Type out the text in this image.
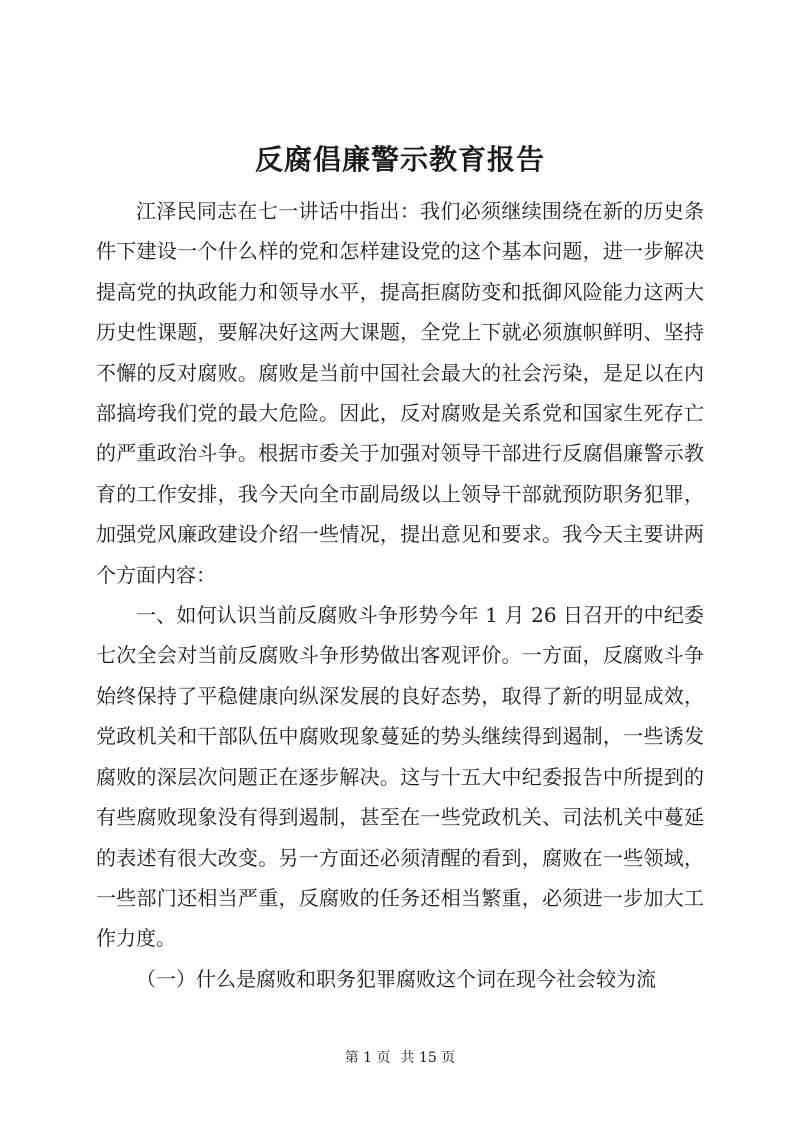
反腐倡廉警示教育报告

江泽民同志在七一讲话中指出：我们必须继续围绕在新的历史条件下建设一个什么样的党和怎样建设党的这个基本问题，进一步解决提高党的执政能力和领导水平，提高拒腐防变和抵御风险能力这两大历史性课题，要解决好这两大课题，全党上下就必须旗帜鲜明、坚持不懈的反对腐败。腐败是当前中国社会最大的社会污染，是足以在内部搞垮我们党的最大危险。因此，反对腐败是关系党和国家生死存亡的严重政治斗争。根据市委关于加强对领导干部进行反腐倡廉警示教育的工作安排，我今天向全市副局级以上领导干部就预防职务犯罪，加强党风廉政建设介绍一些情况，提出意见和要求。我今天主要讲两个方面内容：

一、如何认识当前反腐败斗争形势今年 1 月 26 日召开的中纪委七次全会对当前反腐败斗争形势做出客观评价。一方面，反腐败斗争始终保持了平稳健康向纵深发展的良好态势，取得了新的明显成效，党政机关和干部队伍中腐败现象蔓延的势头继续得到遏制，一些诱发腐败的深层次问题正在逐步解决。这与十五大中纪委报告中所提到的有些腐败现象没有得到遏制，甚至在一些党政机关、司法机关中蔓延的表述有很大改变。另一方面还必须清醒的看到，腐败在一些领域，一些部门还相当严重，反腐败的任务还相当繁重，必须进一步加大工作力度。

（一）什么是腐败和职务犯罪腐败这个词在现今社会较为流

第 1 页 共 15 页
